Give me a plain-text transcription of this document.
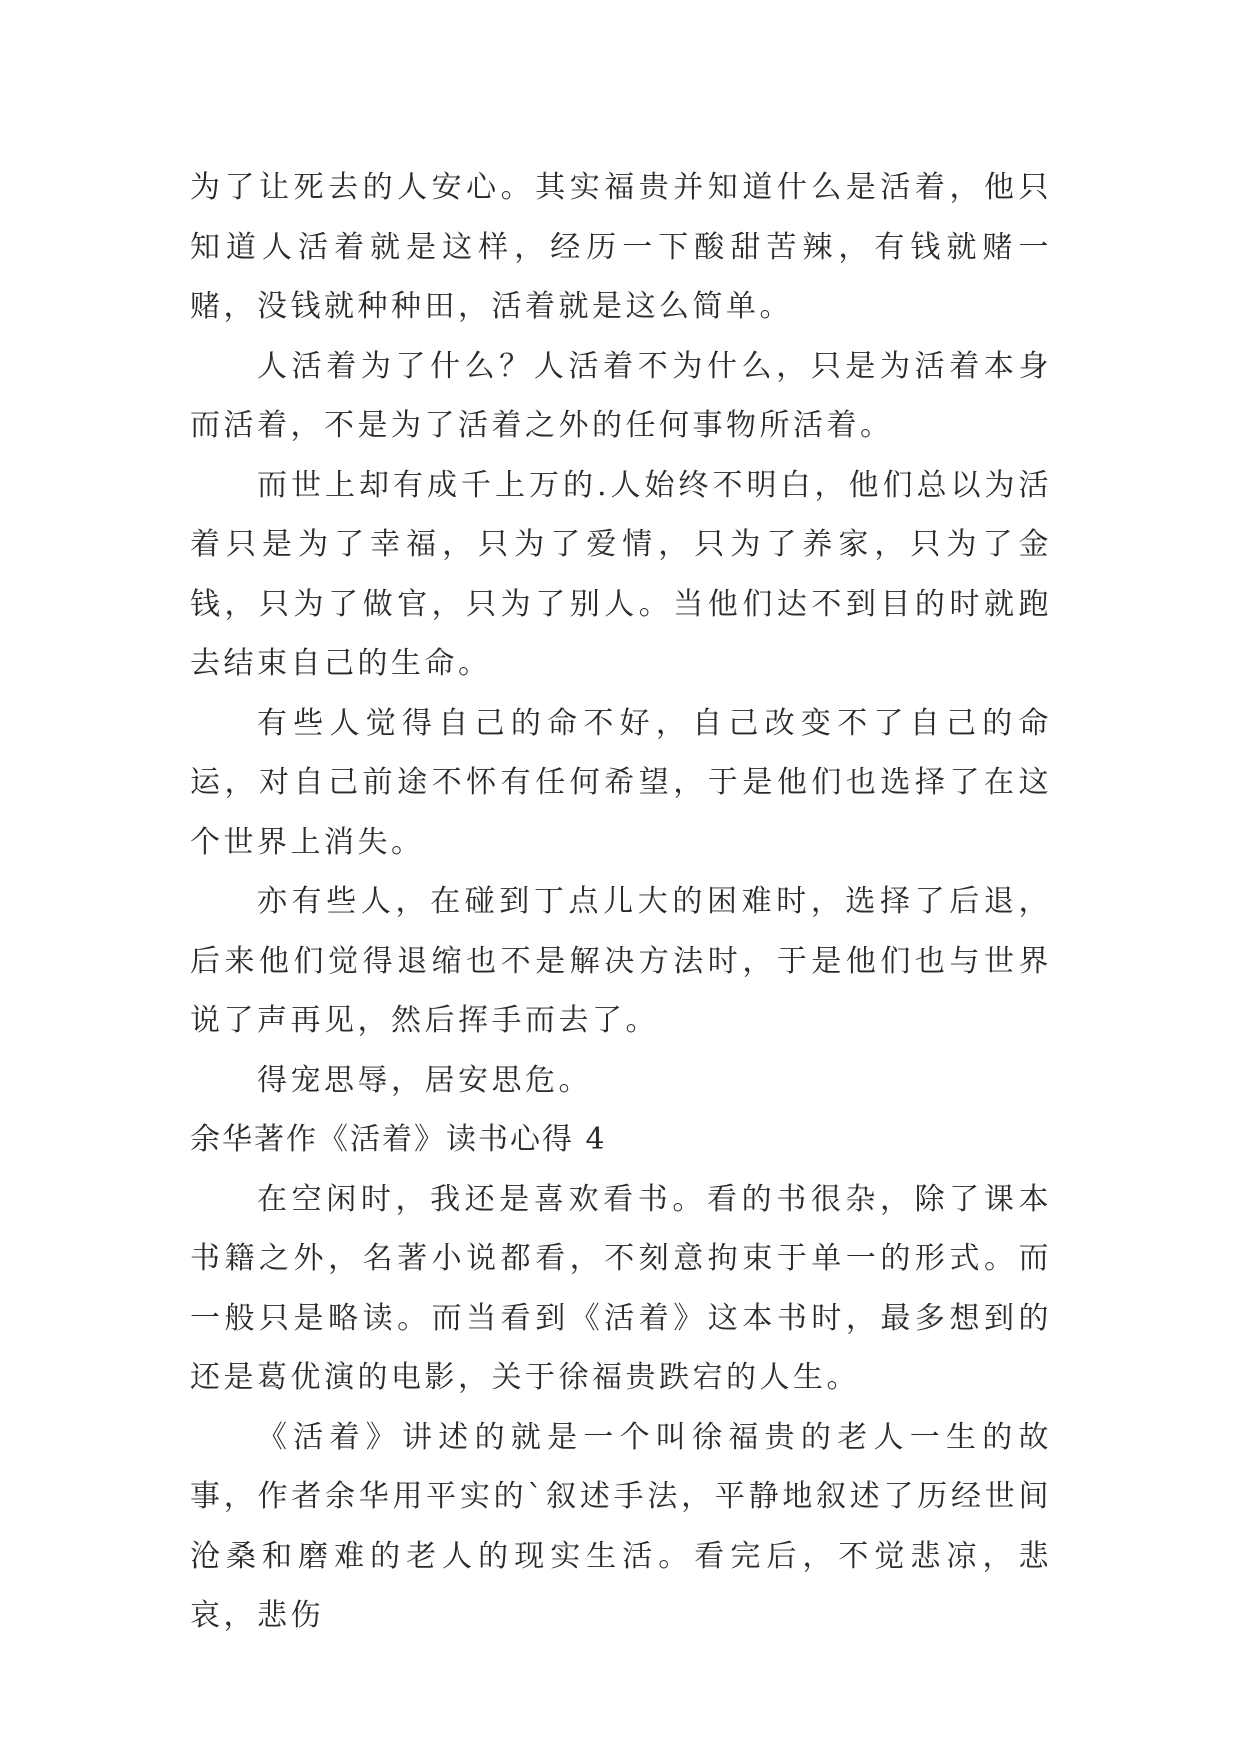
为了让死去的人安心。其实福贵并知道什么是活着，他只知道人活着就是这样，经历一下酸甜苦辣，有钱就赌一赌，没钱就种种田，活着就是这么简单。

人活着为了什么？人活着不为什么，只是为活着本身而活着，不是为了活着之外的任何事物所活着。

而世上却有成千上万的.人始终不明白，他们总以为活着只是为了幸福，只为了爱情，只为了养家，只为了金钱，只为了做官，只为了别人。当他们达不到目的时就跑去结束自己的生命。

有些人觉得自己的命不好，自己改变不了自己的命运，对自己前途不怀有任何希望，于是他们也选择了在这个世界上消失。

亦有些人，在碰到丁点儿大的困难时，选择了后退，后来他们觉得退缩也不是解决方法时，于是他们也与世界说了声再见，然后挥手而去了。

得宠思辱，居安思危。

余华著作《活着》读书心得 4

在空闲时，我还是喜欢看书。看的书很杂，除了课本书籍之外，名著小说都看，不刻意拘束于单一的形式。而一般只是略读。而当看到《活着》这本书时，最多想到的还是葛优演的电影，关于徐福贵跌宕的人生。

《活着》讲述的就是一个叫徐福贵的老人一生的故事，作者余华用平实的`叙述手法，平静地叙述了历经世间沧桑和磨难的老人的现实生活。看完后，不觉悲凉，悲哀，悲伤
